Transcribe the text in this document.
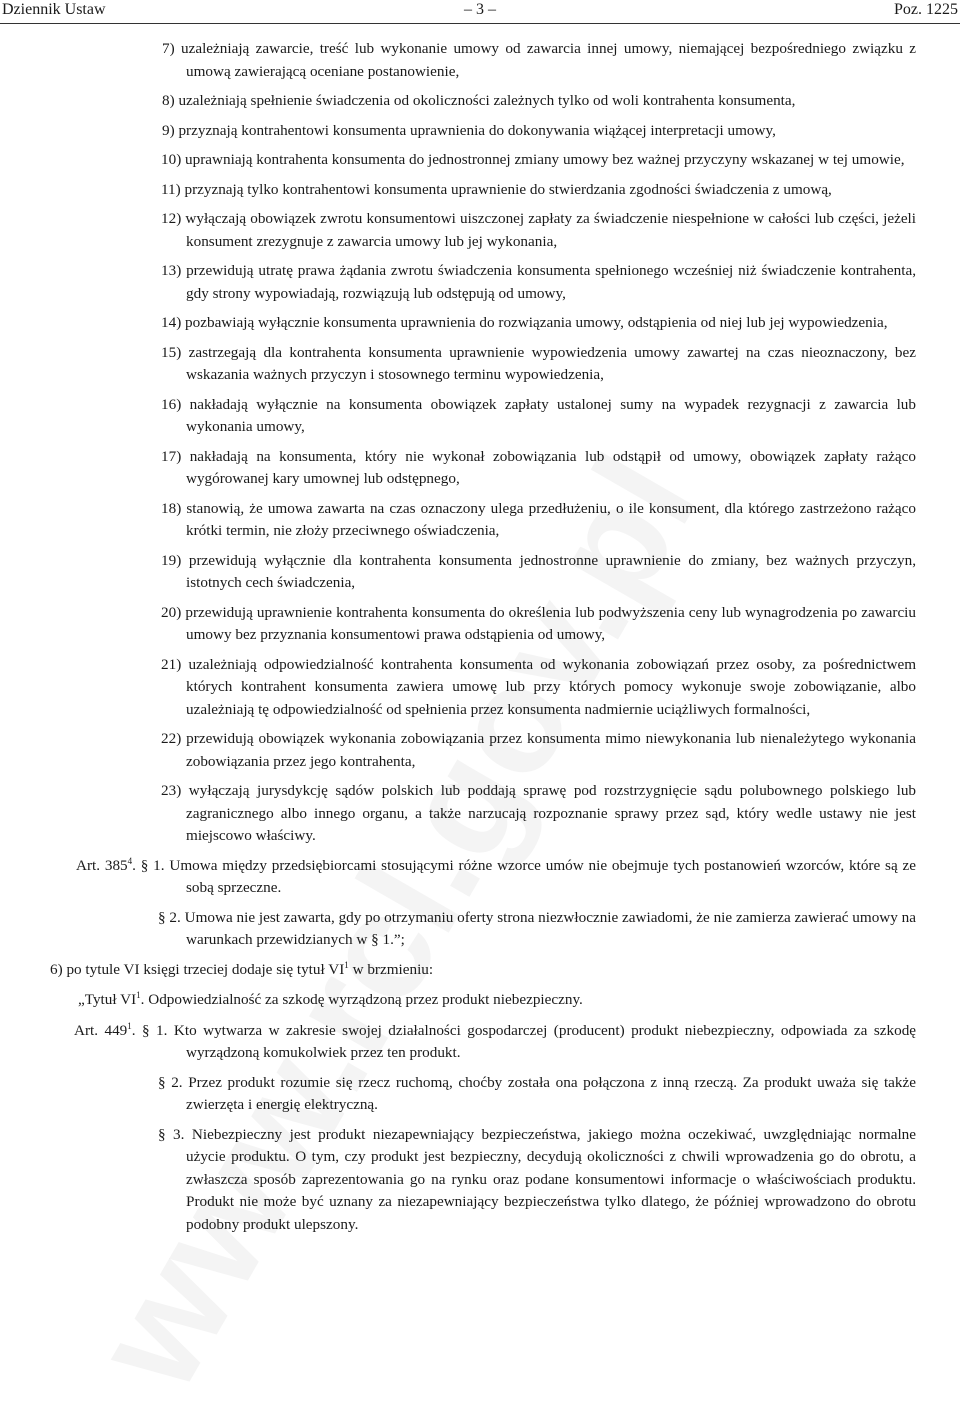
Dziennik Ustaw	– 3 –	Poz. 1225
7) uzależniają zawarcie, treść lub wykonanie umowy od zawarcia innej umowy, niemającej bezpośredniego związku z umową zawierającą oceniane postanowienie,
8) uzależniają spełnienie świadczenia od okoliczności zależnych tylko od woli kontrahenta konsumenta,
9) przyznają kontrahentowi konsumenta uprawnienia do dokonywania wiążącej interpretacji umowy,
10) uprawniają kontrahenta konsumenta do jednostronnej zmiany umowy bez ważnej przyczyny wskazanej w tej umowie,
11) przyznają tylko kontrahentowi konsumenta uprawnienie do stwierdzania zgodności świadczenia z umową,
12) wyłączają obowiązek zwrotu konsumentowi uiszczonej zapłaty za świadczenie niespełnione w całości lub części, jeżeli konsument zrezygnuje z zawarcia umowy lub jej wykonania,
13) przewidują utratę prawa żądania zwrotu świadczenia konsumenta spełnionego wcześniej niż świadczenie kontrahenta, gdy strony wypowiadają, rozwiązują lub odstępują od umowy,
14) pozbawiają wyłącznie konsumenta uprawnienia do rozwiązania umowy, odstąpienia od niej lub jej wypowiedzenia,
15) zastrzegają dla kontrahenta konsumenta uprawnienie wypowiedzenia umowy zawartej na czas nieoznaczony, bez wskazania ważnych przyczyn i stosownego terminu wypowiedzenia,
16) nakładają wyłącznie na konsumenta obowiązek zapłaty ustalonej sumy na wypadek rezygnacji z zawarcia lub wykonania umowy,
17) nakładają na konsumenta, który nie wykonał zobowiązania lub odstąpił od umowy, obowiązek zapłaty rażąco wygórowanej kary umownej lub odstępnego,
18) stanowią, że umowa zawarta na czas oznaczony ulega przedłużeniu, o ile konsument, dla którego zastrzeżono rażąco krótki termin, nie złoży przeciwnego oświadczenia,
19) przewidują wyłącznie dla kontrahenta konsumenta jednostronne uprawnienie do zmiany, bez ważnych przyczyn, istotnych cech świadczenia,
20) przewidują uprawnienie kontrahenta konsumenta do określenia lub podwyższenia ceny lub wynagrodzenia po zawarciu umowy bez przyznania konsumentowi prawa odstąpienia od umowy,
21) uzależniają odpowiedzialność kontrahenta konsumenta od wykonania zobowiązań przez osoby, za pośrednictwem których kontrahent konsumenta zawiera umowę lub przy których pomocy wykonuje swoje zobowiązanie, albo uzależniają tę odpowiedzialność od spełnienia przez konsumenta nadmiernie uciążliwych formalności,
22) przewidują obowiązek wykonania zobowiązania przez konsumenta mimo niewykonania lub nienależytego wykonania zobowiązania przez jego kontrahenta,
23) wyłączają jurysdykcję sądów polskich lub poddają sprawę pod rozstrzygnięcie sądu polubownego polskiego lub zagranicznego albo innego organu, a także narzucają rozpoznanie sprawy przez sąd, który wedle ustawy nie jest miejscowo właściwy.
Art. $385^4$. § 1. Umowa między przedsiębiorcami stosującymi różne wzorce umów nie obejmuje tych postanowień wzorców, które są ze sobą sprzeczne.
§ 2. Umowa nie jest zawarta, gdy po otrzymaniu oferty strona niezwłocznie zawiadomi, że nie zamierza zawierać umowy na warunkach przewidzianych w § 1.”;
6) po tytule VI księgi trzeciej dodaje się tytuł $VI^1$ w brzmieniu:
„Tytuł $VI^1$. Odpowiedzialność za szkodę wyrządzoną przez produkt niebezpieczny.
Art. $449^1$. § 1. Kto wytwarza w zakresie swojej działalności gospodarczej (producent) produkt niebezpieczny, odpowiada za szkodę wyrządzoną komukolwiek przez ten produkt.
§ 2. Przez produkt rozumie się rzecz ruchomą, choćby została ona połączona z inną rzeczą. Za produkt uważa się także zwierzęta i energię elektryczną.
§ 3. Niebezpieczny jest produkt niezapewniający bezpieczeństwa, jakiego można oczekiwać, uwzględniając normalne użycie produktu. O tym, czy produkt jest bezpieczny, decydują okoliczności z chwili wprowadzenia go do obrotu, a zwłaszcza sposób zaprezentowania go na rynku oraz podane konsumentowi informacje o właściwościach produktu. Produkt nie może być uznany za niezapewniający bezpieczeństwa tylko dlatego, że później wprowadzono do obrotu podobny produkt ulepszony.
